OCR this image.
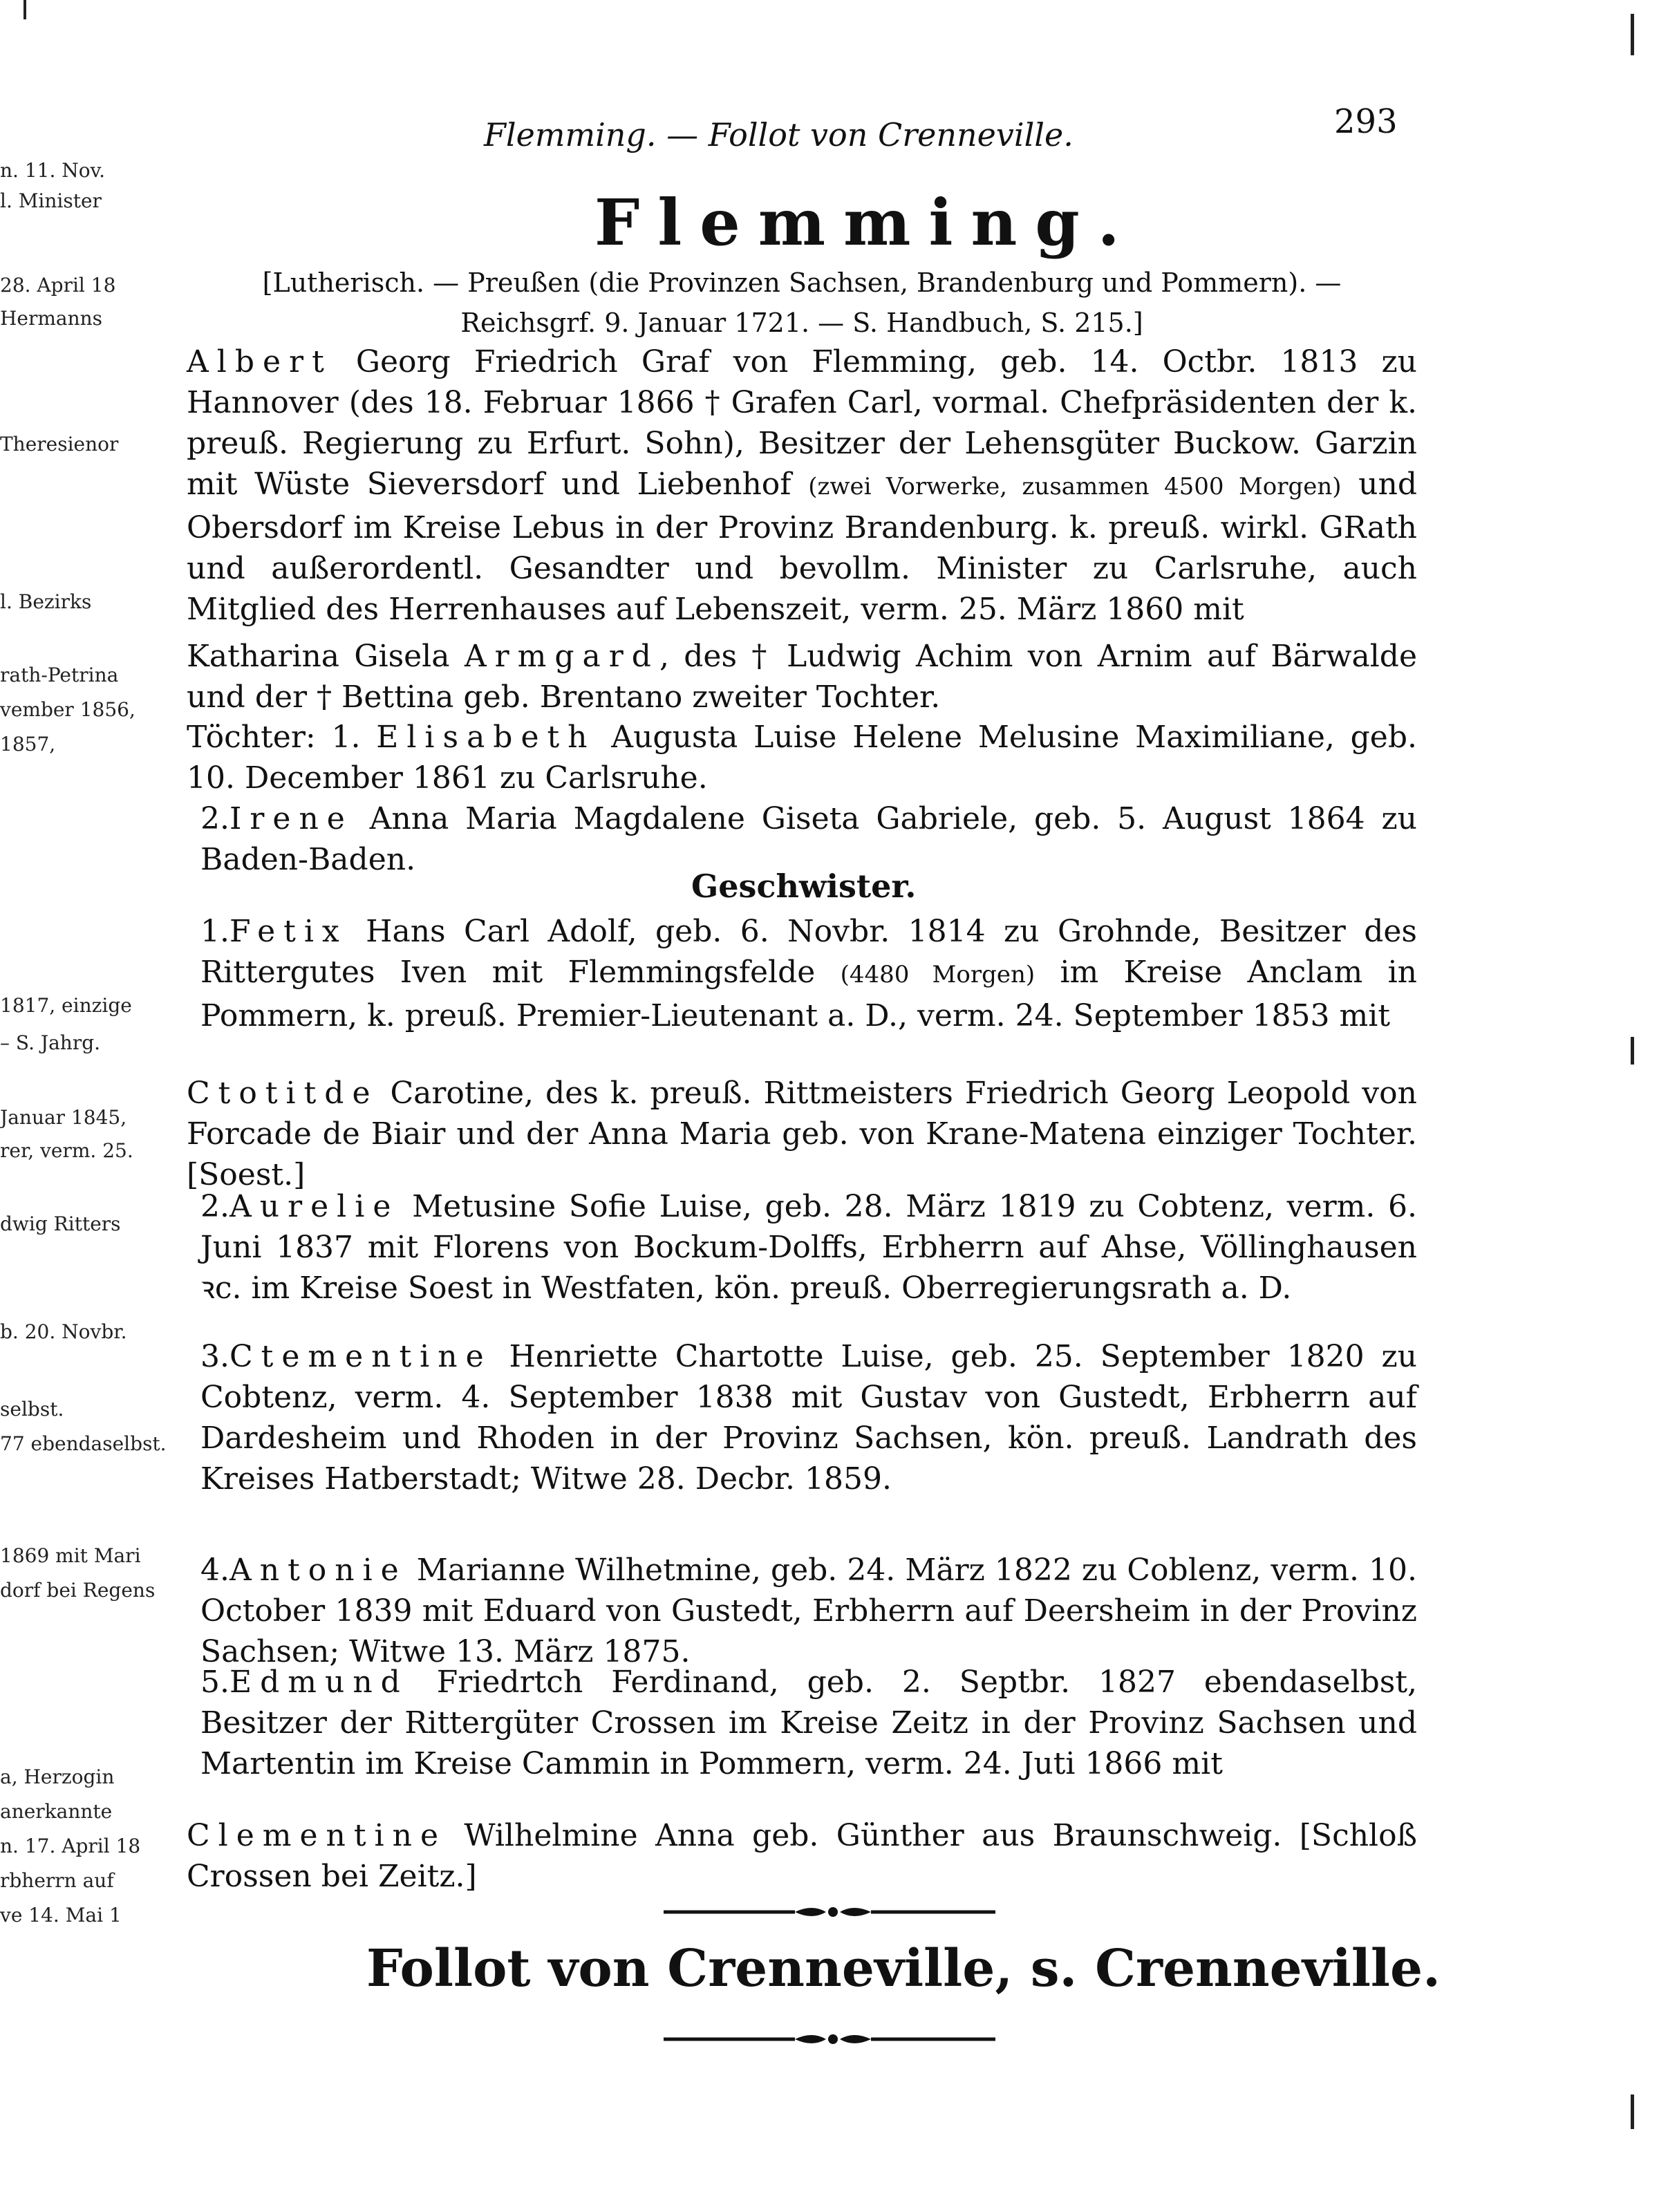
n. 11. Nov.
l. Minister
28. April 18
Hermanns
Theresienor
l. Bezirks
rath-Petrina
vember 1856,
1857,
1817, einzige
– S. Jahrg.
Januar 1845,
rer, verm. 25.
dwig Ritters
b. 20. Novbr.
selbst.
77 ebendaselbst.
1869 mit Mari
dorf bei Regens
a, Herzogin
anerkannte
n. 17. April 18
rbherrn auf
ve 14. Mai 1
Flemming. — Follot von Crenneville.	293
Flemming.
[Lutherisch. — Preußen (die Provinzen Sachsen, Brandenburg und Pommern). —
Reichsgrf. 9. Januar 1721. — S. Handbuch, S. 215.]
Albert Georg Friedrich Graf von Flemming, geb. 14. Octbr. 1813 zu Hannover (des 18. Februar 1866 † Grafen Carl, vormal. Chefpräsidenten der k. preuß. Regierung zu Erfurt. Sohn), Besitzer der Lehensgüter Buckow. Garzin mit Wüste Sieversdorf und Liebenhof (zwei Vorwerke, zusammen 4500 Morgen) und Obersdorf im Kreise Lebus in der Provinz Brandenburg. k. preuß. wirkl. GRath und außerordentl. Gesandter und bevollm. Minister zu Carlsruhe, auch Mitglied des Herrenhauses auf Lebenszeit, verm. 25. März 1860 mit
Katharina Gisela Armgard, des † Ludwig Achim von Arnim auf Bärwalde und der † Bettina geb. Brentano zweiter Tochter.
Töchter: 1. Elisabeth Augusta Luise Helene Melusine Maximiliane, geb. 10. December 1861 zu Carlsruhe.
2.Irene Anna Maria Magdalene Giseta Gabriele, geb. 5. August 1864 zu Baden-Baden.
Geschwister.
1.Fetix Hans Carl Adolf, geb. 6. Novbr. 1814 zu Grohnde, Besitzer des Rittergutes Iven mit Flemmingsfelde (4480 Morgen) im Kreise Anclam in Pommern, k. preuß. Premier-Lieutenant a. D., verm. 24. September 1853 mit
Ctotitde Carotine, des k. preuß. Rittmeisters Friedrich Georg Leopold von Forcade de Biair und der Anna Maria geb. von Krane-Matena einziger Tochter. [Soest.]
2.Aurelie Metusine Sofie Luise, geb. 28. März 1819 zu Cobtenz, verm. 6. Juni 1837 mit Florens von Bockum-Dolffs, Erbherrn auf Ahse, Völlinghausen ꝛc. im Kreise Soest in Westfaten, kön. preuß. Oberregierungsrath a. D.
3.Ctementine Henriette Chartotte Luise, geb. 25. September 1820 zu Cobtenz, verm. 4. September 1838 mit Gustav von Gustedt, Erbherrn auf Dardesheim und Rhoden in der Provinz Sachsen, kön. preuß. Landrath des Kreises Hatberstadt; Witwe 28. Decbr. 1859.
4.Antonie Marianne Wilhetmine, geb. 24. März 1822 zu Coblenz, verm. 10. October 1839 mit Eduard von Gustedt, Erbherrn auf Deersheim in der Provinz Sachsen; Witwe 13. März 1875.
5.Edmund Friedrtch Ferdinand, geb. 2. Septbr. 1827 ebendaselbst, Besitzer der Rittergüter Crossen im Kreise Zeitz in der Provinz Sachsen und Martentin im Kreise Cammin in Pommern, verm. 24. Juti 1866 mit
Clementine Wilhelmine Anna geb. Günther aus Braunschweig. [Schloß Crossen bei Zeitz.]
Follot von Crenneville, s. Crenneville.
